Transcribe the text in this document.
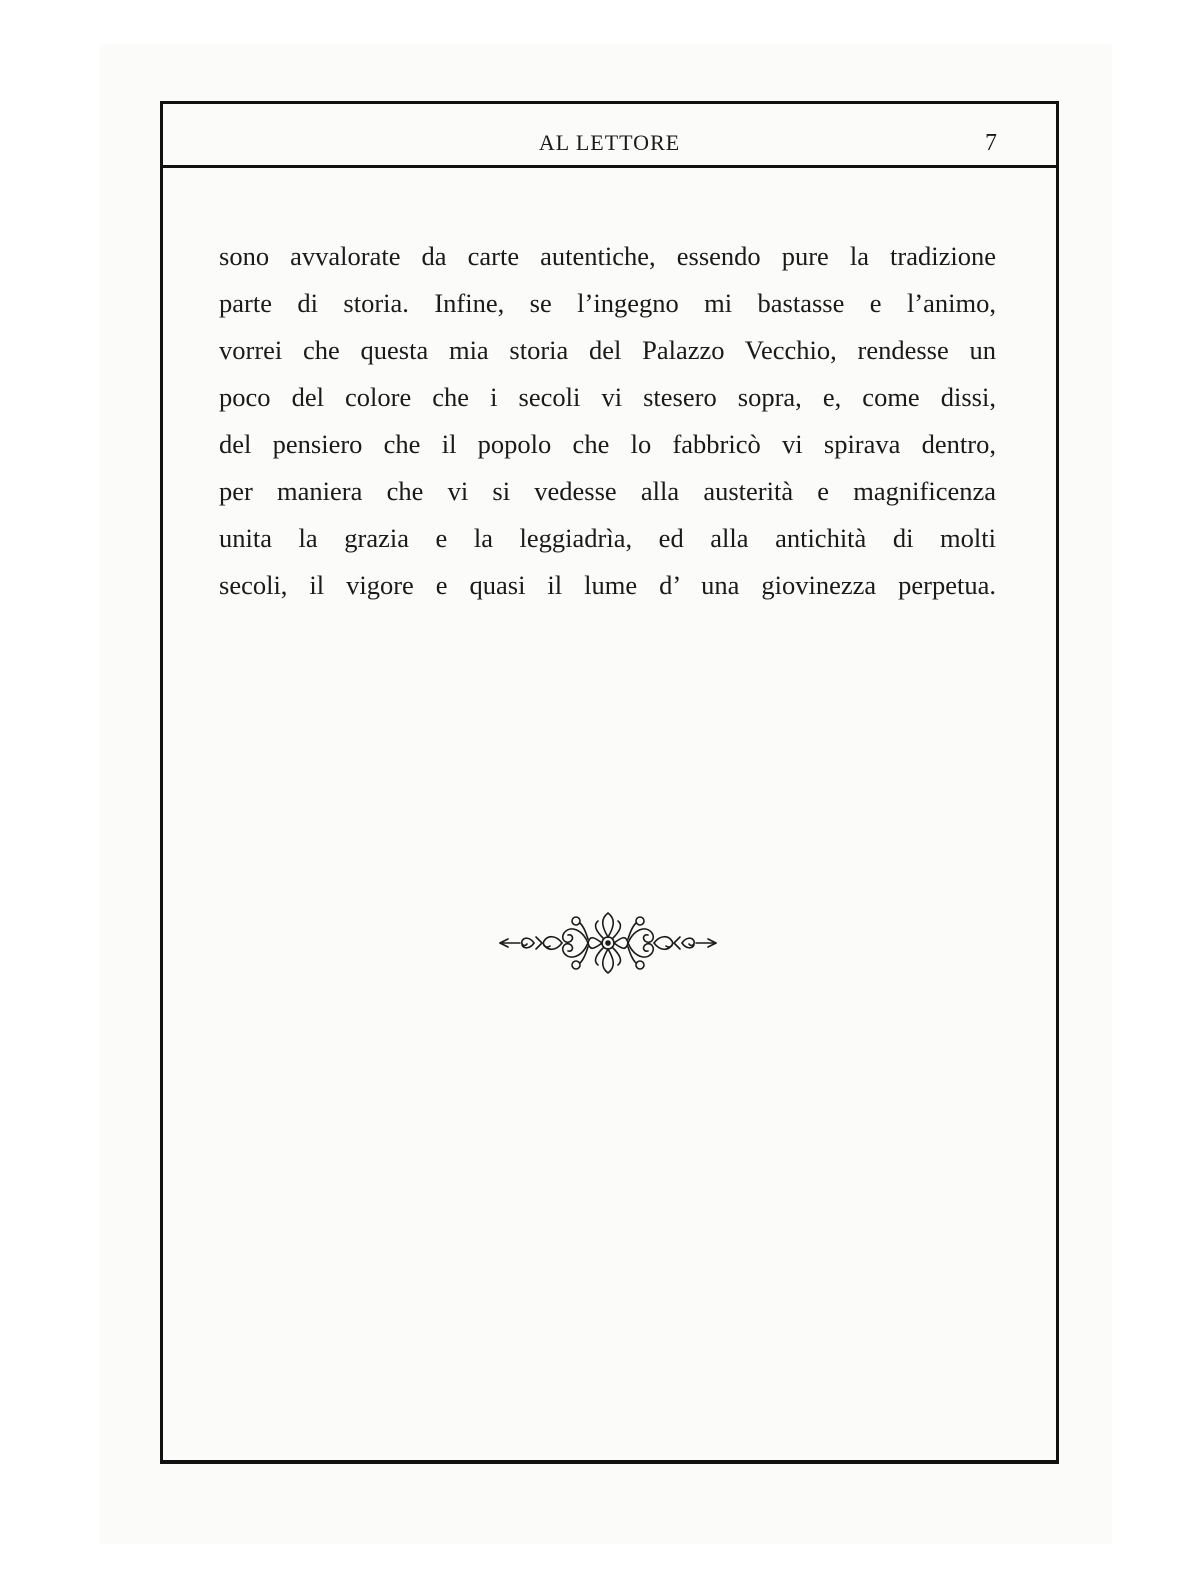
AL LETTORE	7
sono avvalorate da carte autentiche, essendo pure la tradizione
parte di storia. Infine, se l’ingegno mi bastasse e l’animo,
vorrei che questa mia storia del Palazzo Vecchio, rendesse un
poco del colore che i secoli vi stesero sopra, e, come dissi,
del pensiero che il popolo che lo fabbricò vi spirava dentro,
per maniera che vi si vedesse alla austerità e magnificenza
unita la grazia e la leggiadrìa, ed alla antichità di molti
secoli, il vigore e quasi il lume d’ una giovinezza perpetua.
